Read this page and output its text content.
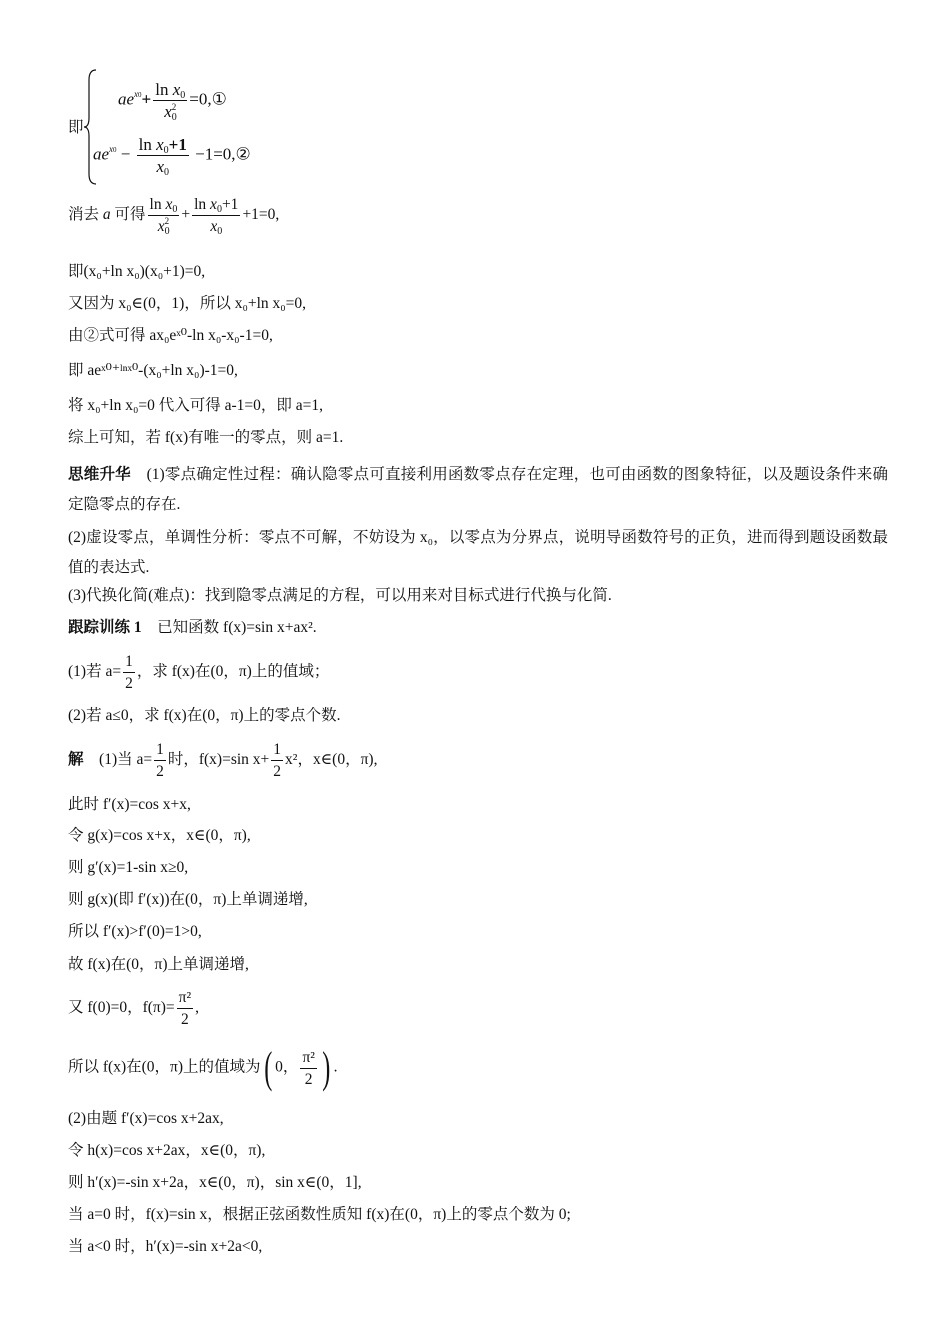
即
$ae^{x0}+ \frac{\ln x_0}{x_0^2}$ =0,①
$ae^{x0} - \frac{\ln x_0+1}{x_0}$ −1=0,②
消去 a 可得 $\frac{\ln x_0}{x_0^2} + \frac{\ln x_0+1}{x_0} +1=0$,
即(x₀+ln x₀)(x₀+1)=0,
又因为 x₀∈(0，1)，所以 x₀+ln x₀=0,
由②式可得 ax₀eˣ⁰-ln x₀-x₀-1=0,
即 aeˣ⁰⁺ˡⁿˣ⁰-(x₀+ln x₀)-1=0,
将 x₀+ln x₀=0 代入可得 a-1=0，即 a=1,
综上可知，若 f(x)有唯一的零点，则 a=1.
思维升华　 (1)零点确定性过程：确认隐零点可直接利用函数零点存在定理，也可由函数的图象特征，以及题设条件来确定隐零点的存在.
(2)虚设零点，单调性分析：零点不可解，不妨设为 x₀，以零点为分界点，说明导函数符号的正负，进而得到题设函数最值的表达式.
(3)代换化简(难点)：找到隐零点满足的方程，可以用来对目标式进行代换与化简.
跟踪训练 1　 已知函数 f(x)=sin x+ax².
(1)若 $a= \frac{1}{2}$ ，求 f(x)在(0，π)上的值域；
(2)若 a≤0，求 f(x)在(0，π)上的零点个数.
解　 (1)当 $a= \frac{1}{2}$ 时，f(x)=sin $x+ \frac{1}{2} x^2$，x∈(0，π),
此时 f′(x)=cos x+x,
令 g(x)=cos x+x，x∈(0，π),
则 g′(x)=1-sin x≥0,
则 g(x)(即 f′(x))在(0，π)上单调递增,
所以 f′(x)>f′(0)=1>0,
故 f(x)在(0，π)上单调递增,
又 f(0)=0，$f(\pi)= \frac{\text{π²}}{2}$ ,
所以 f(x)在(0，π)上的值域为( 0， $\frac{\text{π²}}{2}$ ) .
(2)由题 f′(x)=cos x+2ax,
令 h(x)=cos x+2ax，x∈(0，π),
则 h′(x)=-sin x+2a，x∈(0，π)，sin x∈(0，1],
当 a=0 时，f(x)=sin x，根据正弦函数性质知 f(x)在(0，π)上的零点个数为 0;
当 a<0 时，h′(x)=-sin x+2a<0,
